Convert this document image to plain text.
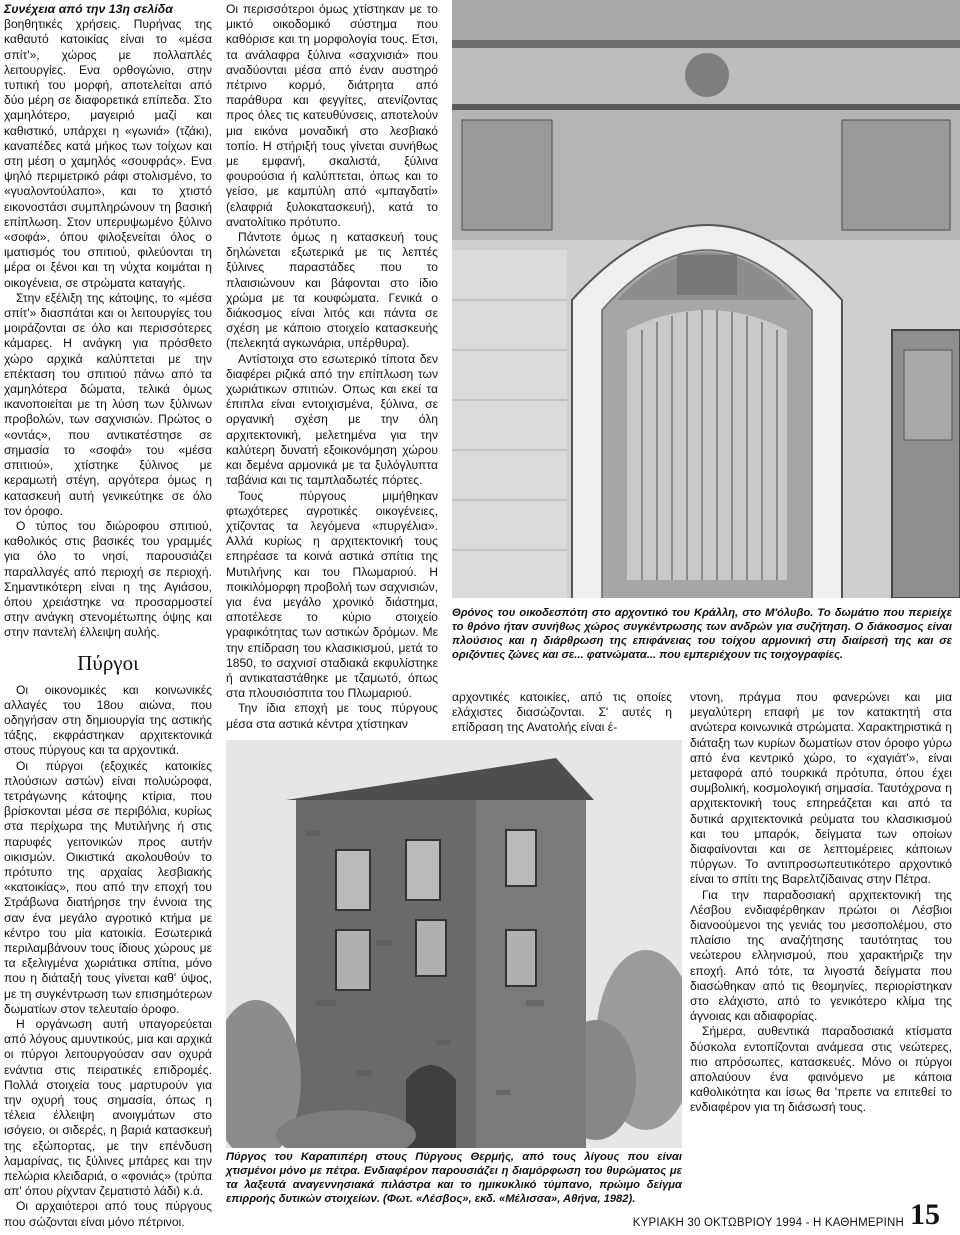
Συνέχεια από την 13η σελίδα

βοηθητικές χρήσεις. Πυρήνας της καθαυτό κατοικίας είναι το «μέσα σπίτ'», χώρος με πολλαπλές λειτουργίες. Ενα ορθογώνιο, στην τυπική του μορφή, αποτελείται από δύο μέρη σε διαφορετικά επίπεδα. Στο χαμηλότερο, μαγειριό μαζί και καθιστικό, υπάρχει η «γωνιά» (τζάκι), καναπέδες κατά μήκος των τοίχων και στη μέση ο χαμηλός «σουφράς». Ενα ψηλό περιμετρικό ράφι στολισμένο, το «γυαλοντούλαπο», και το χτιστό εικονοστάσι συμπληρώνουν τη βασική επίπλωση. Στον υπερυψωμένο ξύλινο «σοφά», όπου φιλοξενείται όλος ο ιματισμός του σπιτιού, φιλεύονται τη μέρα οι ξένοι και τη νύχτα κοιμάται η οικογένεια, σε στρώματα καταγής.

Στην εξέλιξη της κάτοψης, το «μέσα σπίτ'» διασπάται και οι λειτουργίες του μοιράζονται σε όλο και περισσότερες κάμαρες. Η ανάγκη για πρόσθετο χώρο αρχικά καλύπτεται με την επέκταση του σπιτιού πάνω από τα χαμηλότερα δώματα, τελικά όμως ικανοποιείται με τη λύση των ξύλινων προβολών, των σαχνισιών. Πρώτος ο «οντάς», που αντικατέστησε σε σημασία το «σοφά» του «μέσα σπιτιού», χτίστηκε ξύλινος με κεραμωτή στέγη, αργότερα όμως η κατασκευή αυτή γενικεύτηκε σε όλο τον όροφο.

Ο τύπος του διώροφου σπιτιού, καθολικός στις βασικές του γραμμές για όλο το νησί, παρουσιάζει παραλλαγές από περιοχή σε περιοχή. Σημαντικότερη είναι η της Αγιάσου, όπου χρειάστηκε να προσαρμοστεί στην ανάγκη στενομέτωπης όψης και στην παντελή έλλειψη αυλής.

Πύργοι

Οι οικονομικές και κοινωνικές αλλαγές του 18ου αιώνα, που οδηγήσαν στη δημιουργία της αστικής τάξης, εκφράστηκαν αρχιτεκτονικά στους πύργους και τα αρχοντικά.

Οι πύργοι (εξοχικές κατοικίες πλούσιων αστών) είναι πολυώροφα, τετράγωνης κάτοψης κτίρια, που βρίσκονται μέσα σε περιβόλια, κυρίως στα περίχωρα της Μυτιλήνης ή στις παρυφές γειτονικών προς αυτήν οικισμών. Οικιστικά ακολουθούν το πρότυπο της αρχαίας λεσβιακής «κατοικίας», που από την εποχή του Στράβωνα διατήρησε την έννοια της σαν ένα μεγάλο αγροτικό κτήμα με κέντρο του μία κατοικία. Εσωτερικά περιλαμβάνουν τους ίδιους χώρους με τα εξελιγμένα χωριάτικα σπίτια, μόνο που η διάταξή τους γίνεται καθ' ύψος, με τη συγκέντρωση των επισημότερων δωματίων στον τελευταίο όροφο.

Η οργάνωση αυτή υπαγορεύεται από λόγους αμυντικούς, μια και αρχικά οι πύργοι λειτουργούσαν σαν οχυρά ενάντια στις πειρατικές επιδρομές. Πολλά στοιχεία τους μαρτυρούν για την οχυρή τους σημασία, όπως η τέλεια έλλειψη ανοιγμάτων στο ισόγειο, οι σιδερές, η βαριά κατασκευή της εξώπορτας, με την επένδυση λαμαρίνας, τις ξύλινες μπάρες και την πελώρια κλειδαριά, ο «φονιάς» (τρύπα απ' όπου ρίχνταν ζεματιστό λάδι) κ.ά.

Οι αρχαιότεροι από τους πύργους που σώζονται είναι μόνο πέτρινοι.

Οι περισσότεροι όμως χτίστηκαν με το μικτό οικοδομικό σύστημα που καθόρισε και τη μορφολογία τους. Ετσι, τα ανάλαφρα ξύλινα «σαχνισιά» που αναδύονται μέσα από έναν αυστηρό πέτρινο κορμό, διάτρητα από παράθυρα και φεγγίτες, ατενίζοντας προς όλες τις κατευθύνσεις, αποτελούν μια εικόνα μοναδική στο λεσβιακό τοπίο. Η στήριξή τους γίνεται συνήθως με εμφανή, σκαλιστά, ξύλινα φουρούσια ή καλύπτεται, όπως και το γείσο, με καμπύλη από «μπαγδατί» (ελαφριά ξυλοκατασκευή), κατά το ανατολίτικο πρότυπο.

Πάντοτε όμως η κατασκευή τους δηλώνεται εξωτερικά με τις λεπτές ξύλινες παραστάδες που το πλαισιώνουν και βάφονται στο ίδιο χρώμα με τα κουφώματα. Γενικά ο διάκοσμος είναι λιτός και πάντα σε σχέση με κάποιο στοιχείο κατασκευής (πελεκητά αγκωνάρια, υπέρθυρα).

Αντίστοιχα στο εσωτερικό τίποτα δεν διαφέρει ριζικά από την επίπλωση των χωριάτικων σπιτιών. Οπως και εκεί τα έπιπλα είναι εντοιχισμένα, ξύλινα, σε οργανική σχέση με την όλη αρχιτεκτονική, μελετημένα για την καλύτερη δυνατή εξοικονόμηση χώρου και δεμένα αρμονικά με τα ξυλόγλυπτα ταβάνια και τις ταμπλαδωτές πόρτες.

Τους πύργους μιμήθηκαν φτωχότερες αγροτικές οικογένειες, χτίζοντας τα λεγόμενα «πυργέλια». Αλλά κυρίως η αρχιτεκτονική τους επηρέασε τα κοινά αστικά σπίτια της Μυτιλήνης και του Πλωμαριού. Η ποικιλόμορφη προβολή των σαχνισιών, για ένα μεγάλο χρονικό διάστημα, αποτέλεσε το κύριο στοιχείο γραφικότητας των αστικών δρόμων. Με την επίδραση του κλασικισμού, μετά το 1850, το σαχνισί σταδιακά εκφυλίστηκε ή αντικαταστάθηκε με τζαμωτό, όπως στα πλουσιόσπιτα του Πλωμαριού.

Την ίδια εποχή με τους πύργους μέσα στα αστικά κέντρα χτίστηκαν

Θρόνος του οικοδεσπότη στο αρχοντικό του Κράλλη, στο Μ'όλυβο. Το δωμάτιο που περιείχε το θρόνο ήταν συνήθως χώρος συγκέντρωσης των ανδρών για συζήτηση. Ο διάκοσμος είναι πλούσιος και η διάρθρωση της επιφάνειας του τοίχου αρμονική στη διαίρεσή της και σε οριζόντιες ζώνες και σε... φατνώματα... που εμπεριέχουν τις τοιχογραφίες.

αρχοντικές κατοικίες, από τις οποίες ελάχιστες διασώζονται. Σ' αυτές η επίδραση της Ανατολής είναι έ-

ντονη, πράγμα που φανερώνει και μια μεγαλύτερη επαφή με τον κατακτητή στα ανώτερα κοινωνικά στρώματα. Χαρακτηριστικά η διάταξη των κυρίων δωματίων στον όροφο γύρω από ένα κεντρικό χώρο, το «χαγιάτ'», είναι μεταφορά από τουρκικά πρότυπα, όπου έχει συμβολική, κοσμολογική σημασία. Ταυτόχρονα η αρχιτεκτονική τους επηρεάζεται και από τα δυτικά αρχιτεκτονικά ρεύματα του κλασικισμού και του μπαρόκ, δείγματα των οποίων διαφαίνονται και σε λεπτομέρειες κάποιων πύργων. Το αντιπροσωπευτικότερο αρχοντικό είναι το σπίτι της Βαρελτζίδαινας στην Πέτρα.

Για την παραδοσιακή αρχιτεκτονική της Λέσβου ενδιαφέρθηκαν πρώτοι οι Λέσβιοι διανοούμενοι της γενιάς του μεσοπολέμου, στο πλαίσιο της αναζήτησης ταυτότητας του νεώτερου ελληνισμού, που χαρακτήριζε την εποχή. Από τότε, τα λιγοστά δείγματα που διασώθηκαν από τις θεομηνίες, περιορίστηκαν στο ελάχιστο, από το γενικότερο κλίμα της άγνοιας και αδιαφορίας.

Σήμερα, αυθεντικά παραδοσιακά κτίσματα δύσκολα εντοπίζονται ανάμεσα στις νεώτερες, πιο απρόσωπες, κατασκευές. Μόνο οι πύργοι απολαύουν ένα φαινόμενο με κάποια καθολικότητα και ίσως θα 'πρεπε να επιτεθεί το ενδιαφέρον για τη διάσωσή τους.

Πύργος του Καραπιπέρη στους Πύργους Θερμής, από τους λίγους που είναι χτισμένοι μόνο με πέτρα. Ενδιαφέρον παρουσιάζει η διαμόρφωση του θυρώματος με τα λαξευτά αναγεννησιακά πιλάστρα και το ημικυκλικό τύμπανο, πρώιμο δείγμα επιρροής δυτικών στοιχείων. (Φωτ. «Λέσβος», εκδ. «Μέλισσα», Αθήνα, 1982).
ΚΥΡΙΑΚΗ 30 ΟΚΤΩΒΡΙΟΥ 1994 - Η ΚΑΘΗΜΕΡΙΝΗ 15
